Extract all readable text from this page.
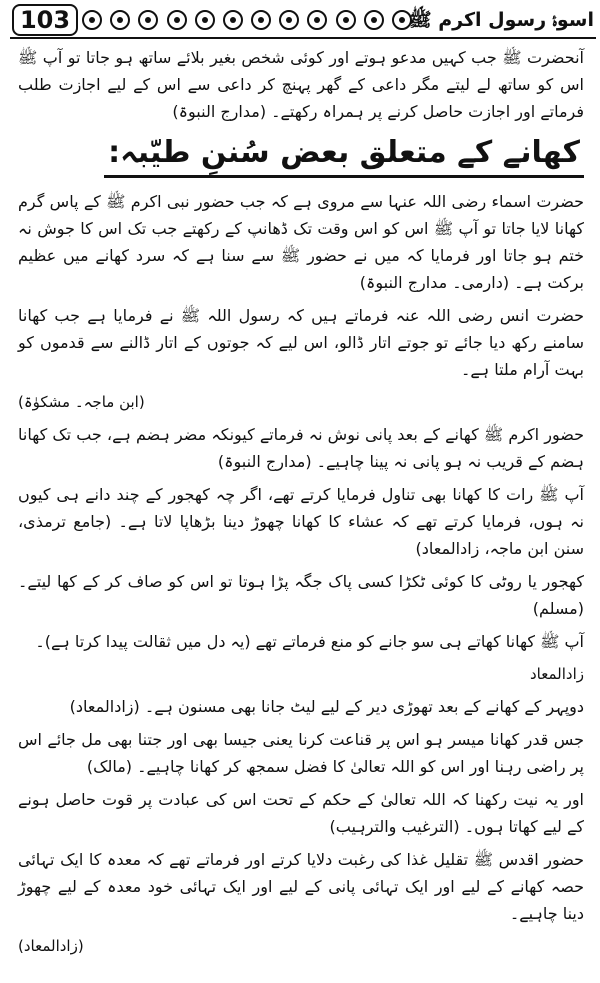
103	اسوۂ رسول اکرم ﷺ

آنحضرت ﷺ جب کہیں مدعو ہوتے اور کوئی شخص بغیر بلائے ساتھ ہو جاتا تو آپ ﷺ اس کو ساتھ لے لیتے مگر داعی کے گھر پہنچ کر داعی سے اس کے لیے اجازت طلب فرماتے اور اجازت حاصل کرنے پر ہمراہ رکھتے۔ (مدارج النبوۃ)

کھانے کے متعلق بعض سُننِ طیّبہ:

حضرت اسماء رضی اللہ عنہا سے مروی ہے کہ جب حضور نبی اکرم ﷺ کے پاس گرم کھانا لایا جاتا تو آپ ﷺ اس کو اس وقت تک ڈھانپ کے رکھتے جب تک اس کا جوش نہ ختم ہو جاتا اور فرمایا کہ میں نے حضور ﷺ سے سنا ہے کہ سرد کھانے میں عظیم برکت ہے۔ (دارمی۔ مدارج النبوۃ)

حضرت انس رضی اللہ عنہ فرماتے ہیں کہ رسول اللہ ﷺ نے فرمایا ہے جب کھانا سامنے رکھ دیا جائے تو جوتے اتار ڈالو، اس لیے کہ جوتوں کے اتار ڈالنے سے قدموں کو بہت آرام ملتا ہے۔

(ابن ماجہ۔ مشکوٰۃ)

حضور اکرم ﷺ کھانے کے بعد پانی نوش نہ فرماتے کیونکہ مضر ہضم ہے، جب تک کھانا ہضم کے قریب نہ ہو پانی نہ پینا چاہیے۔ (مدارج النبوۃ)

آپ ﷺ رات کا کھانا بھی تناول فرمایا کرتے تھے، اگر چہ کھجور کے چند دانے ہی کیوں نہ ہوں، فرمایا کرتے تھے کہ عشاء کا کھانا چھوڑ دینا بڑھاپا لاتا ہے۔ (جامع ترمذی، سنن ابن ماجہ، زادالمعاد)

کھجور یا روٹی کا کوئی ٹکڑا کسی پاک جگہ پڑا ہوتا تو اس کو صاف کر کے کھا لیتے۔ (مسلم)

آپ ﷺ کھانا کھاتے ہی سو جانے کو منع فرماتے تھے (یہ دل میں ثقالت پیدا کرتا ہے)۔

زادالمعاد

دوپہر کے کھانے کے بعد تھوڑی دیر کے لیے لیٹ جانا بھی مسنون ہے۔ (زادالمعاد)

جس قدر کھانا میسر ہو اس پر قناعت کرنا یعنی جیسا بھی اور جتنا بھی مل جائے اس پر راضی رہنا اور اس کو اللہ تعالیٰ کا فضل سمجھ کر کھانا چاہیے۔ (مالک)

اور یہ نیت رکھنا کہ اللہ تعالیٰ کے حکم کے تحت اس کی عبادت پر قوت حاصل ہونے کے لیے کھاتا ہوں۔ (الترغیب والترہیب)

حضور اقدس ﷺ تقلیل غذا کی رغبت دلایا کرتے اور فرماتے تھے کہ معدہ کا ایک تہائی حصہ کھانے کے لیے اور ایک تہائی پانی کے لیے اور ایک تہائی خود معدہ کے لیے چھوڑ دینا چاہیے۔

(زادالمعاد)
